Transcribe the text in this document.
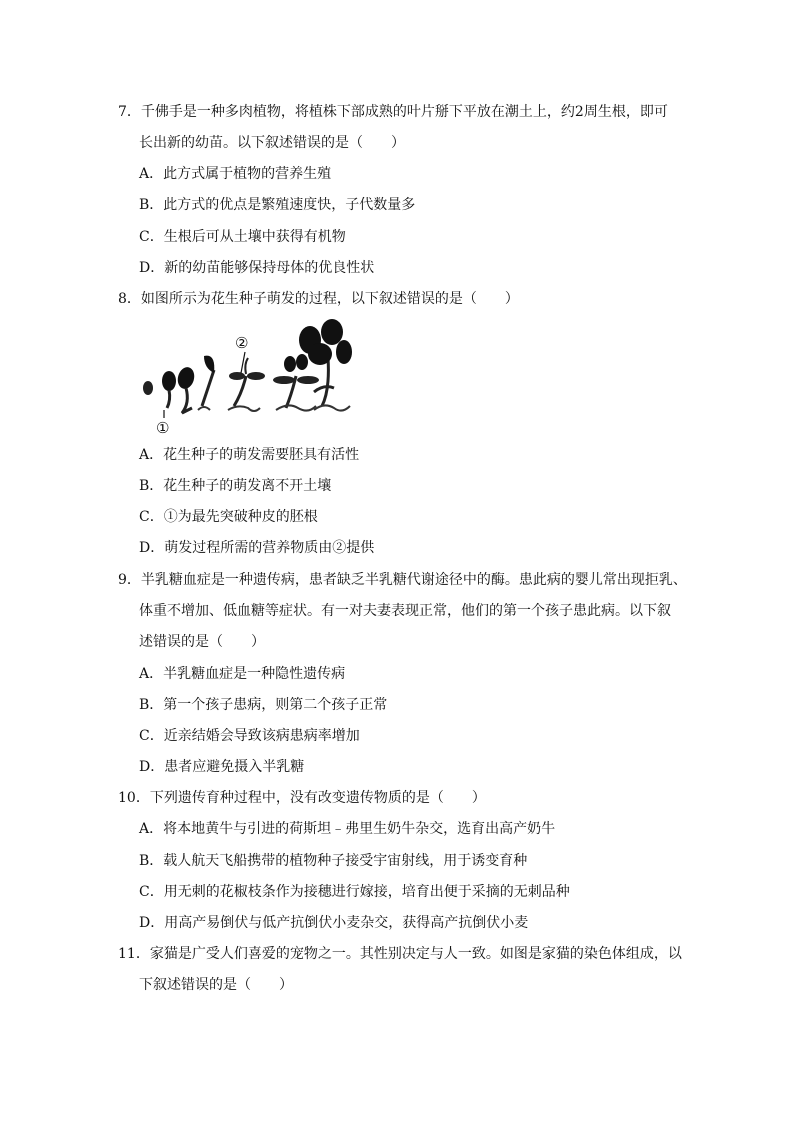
7．千佛手是一种多肉植物，将植株下部成熟的叶片掰下平放在潮土上，约2周生根，即可
长出新的幼苗。以下叙述错误的是（　　）
A．此方式属于植物的营养生殖
B．此方式的优点是繁殖速度快，子代数量多
C．生根后可从土壤中获得有机物
D．新的幼苗能够保持母体的优良性状
8．如图所示为花生种子萌发的过程，以下叙述错误的是（　　）
②
①
A．花生种子的萌发需要胚具有活性
B．花生种子的萌发离不开土壤
C．①为最先突破种皮的胚根
D．萌发过程所需的营养物质由②提供
9．半乳糖血症是一种遗传病，患者缺乏半乳糖代谢途径中的酶。患此病的婴儿常出现拒乳、
体重不增加、低血糖等症状。有一对夫妻表现正常，他们的第一个孩子患此病。以下叙
述错误的是（　　）
A．半乳糖血症是一种隐性遗传病
B．第一个孩子患病，则第二个孩子正常
C．近亲结婚会导致该病患病率增加
D．患者应避免摄入半乳糖
10．下列遗传育种过程中，没有改变遗传物质的是（　　）
A．将本地黄牛与引进的荷斯坦﹣弗里生奶牛杂交，选育出高产奶牛
B．载人航天飞船携带的植物种子接受宇宙射线，用于诱变育种
C．用无刺的花椒枝条作为接穗进行嫁接，培育出便于采摘的无刺品种
D．用高产易倒伏与低产抗倒伏小麦杂交，获得高产抗倒伏小麦
11．家猫是广受人们喜爱的宠物之一。其性别决定与人一致。如图是家猫的染色体组成，以
下叙述错误的是（　　）
